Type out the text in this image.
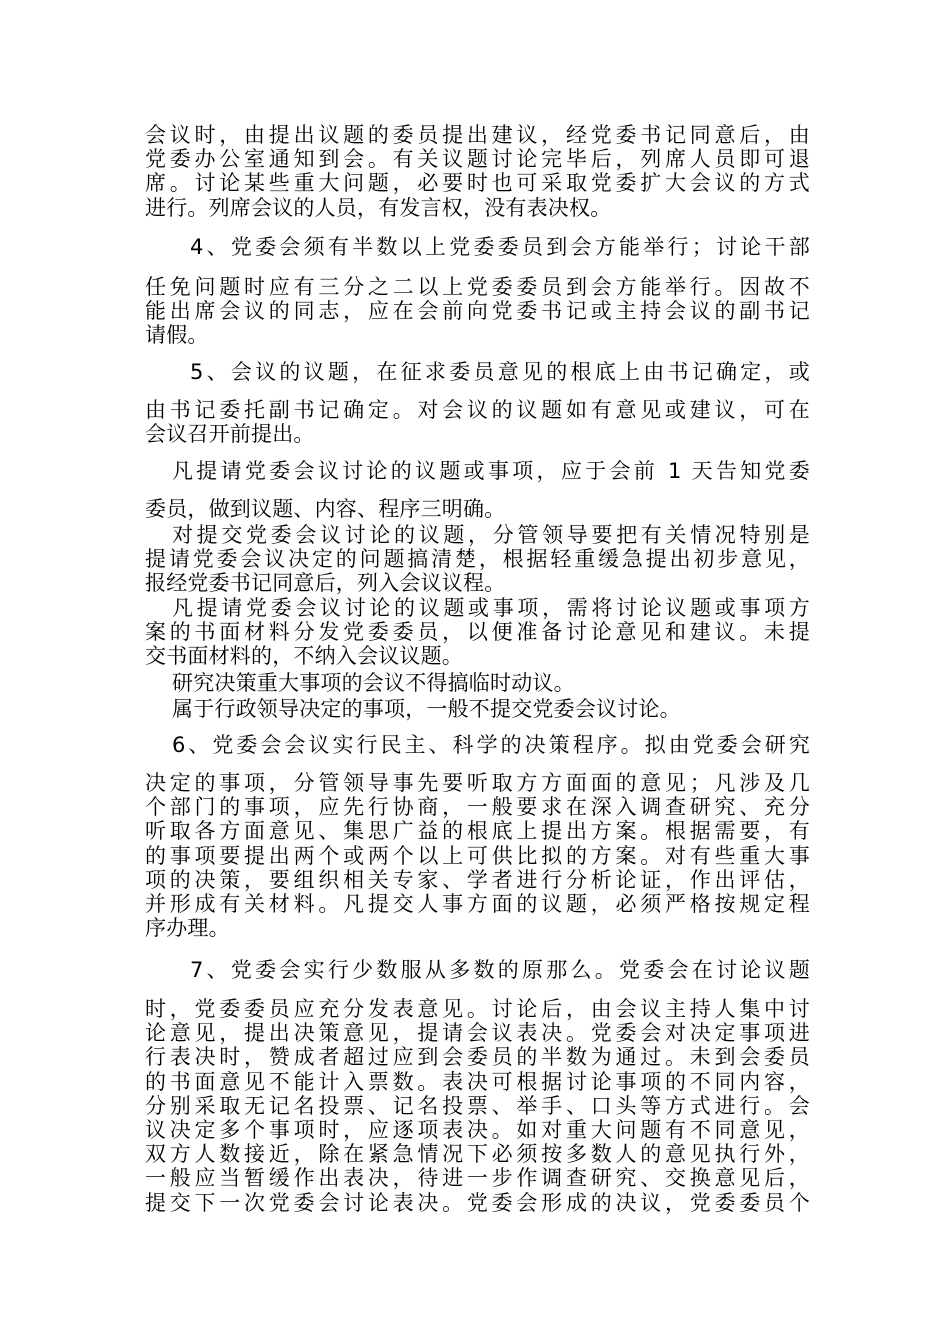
会议时，由提出议题的委员提出建议，经党委书记同意后，由
党委办公室通知到会。有关议题讨论完毕后，列席人员即可退
席。讨论某些重大问题，必要时也可采取党委扩大会议的方式
进行。列席会议的人员，有发言权，没有表决权。
4、党委会须有半数以上党委委员到会方能举行；讨论干部
任免问题时应有三分之二以上党委委员到会方能举行。因故不
能出席会议的同志，应在会前向党委书记或主持会议的副书记
请假。
5、会议的议题，在征求委员意见的根底上由书记确定，或
由书记委托副书记确定。对会议的议题如有意见或建议，可在
会议召开前提出。
凡提请党委会议讨论的议题或事项，应于会前 1 天告知党委
委员，做到议题、内容、程序三明确。
对提交党委会议讨论的议题，分管领导要把有关情况特别是
提请党委会议决定的问题搞清楚，根据轻重缓急提出初步意见，
报经党委书记同意后，列入会议议程。
凡提请党委会议讨论的议题或事项，需将讨论议题或事项方
案的书面材料分发党委委员，以便准备讨论意见和建议。未提
交书面材料的，不纳入会议议题。
研究决策重大事项的会议不得搞临时动议。
属于行政领导决定的事项，一般不提交党委会议讨论。
6、党委会会议实行民主、科学的决策程序。拟由党委会研究
决定的事项，分管领导事先要听取方方面面的意见；凡涉及几
个部门的事项，应先行协商，一般要求在深入调查研究、充分
听取各方面意见、集思广益的根底上提出方案。根据需要，有
的事项要提出两个或两个以上可供比拟的方案。对有些重大事
项的决策，要组织相关专家、学者进行分析论证，作出评估，
并形成有关材料。凡提交人事方面的议题，必须严格按规定程
序办理。
7、党委会实行少数服从多数的原那么。党委会在讨论议题
时，党委委员应充分发表意见。讨论后，由会议主持人集中讨
论意见，提出决策意见，提请会议表决。党委会对决定事项进
行表决时，赞成者超过应到会委员的半数为通过。未到会委员
的书面意见不能计入票数。表决可根据讨论事项的不同内容，
分别采取无记名投票、记名投票、举手、口头等方式进行。会
议决定多个事项时，应逐项表决。如对重大问题有不同意见，
双方人数接近，除在紧急情况下必须按多数人的意见执行外，
一般应当暂缓作出表决，待进一步作调查研究、交换意见后，
提交下一次党委会讨论表决。党委会形成的决议，党委委员个
